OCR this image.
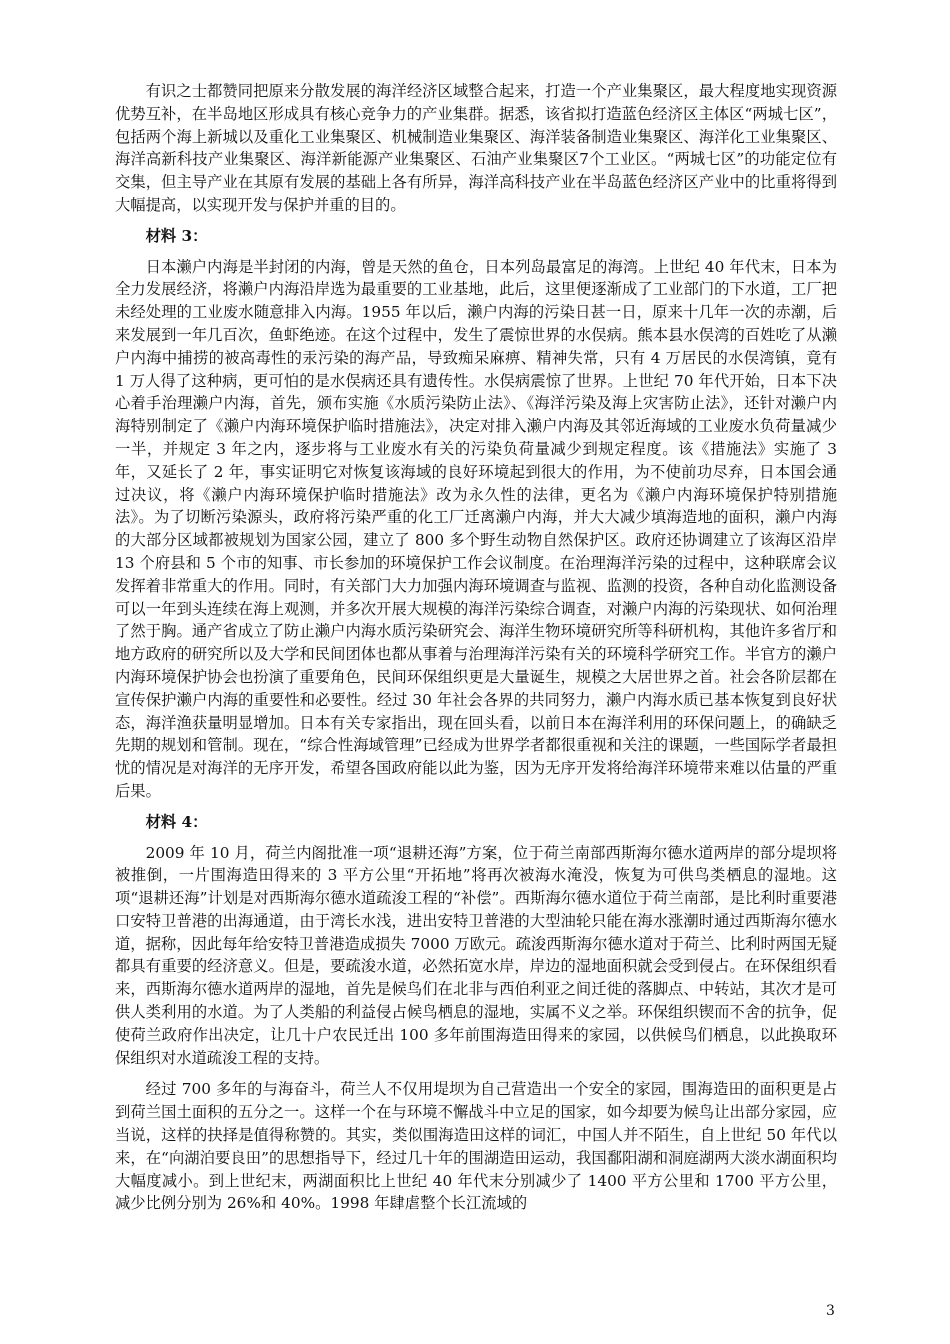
有识之士都赞同把原来分散发展的海洋经济区域整合起来，打造一个产业集聚区，最大程度地实现资源优势互补，在半岛地区形成具有核心竞争力的产业集群。据悉，该省拟打造蓝色经济区主体区“两城七区”，包括两个海上新城以及重化工业集聚区、机械制造业集聚区、海洋装备制造业集聚区、海洋化工业集聚区、海洋高新科技产业集聚区、海洋新能源产业集聚区、石油产业集聚区7个工业区。“两城七区”的功能定位有交集，但主导产业在其原有发展的基础上各有所异，海洋高科技产业在半岛蓝色经济区产业中的比重将得到大幅提高，以实现开发与保护并重的目的。

材料 3：

日本濑户内海是半封闭的内海，曾是天然的鱼仓，日本列岛最富足的海湾。上世纪 40 年代末，日本为全力发展经济，将濑户内海沿岸选为最重要的工业基地，此后，这里便逐渐成了工业部门的下水道，工厂把未经处理的工业废水随意排入内海。1955 年以后，濑户内海的污染日甚一日，原来十几年一次的赤潮，后来发展到一年几百次，鱼虾绝迹。在这个过程中，发生了震惊世界的水俣病。熊本县水俣湾的百姓吃了从濑户内海中捕捞的被高毒性的汞污染的海产品，导致痴呆麻痹、精神失常，只有 4 万居民的水俣湾镇，竟有 1 万人得了这种病，更可怕的是水俣病还具有遗传性。水俣病震惊了世界。上世纪 70 年代开始，日本下决心着手治理濑户内海，首先，颁布实施《水质污染防止法》、《海洋污染及海上灾害防止法》，还针对濑户内海特别制定了《濑户内海环境保护临时措施法》，决定对排入濑户内海及其邻近海域的工业废水负荷量减少一半，并规定 3 年之内，逐步将与工业废水有关的污染负荷量减少到规定程度。该《措施法》实施了 3 年，又延长了 2 年，事实证明它对恢复该海域的良好环境起到很大的作用，为不使前功尽弃，日本国会通过决议，将《濑户内海环境保护临时措施法》改为永久性的法律，更名为《濑户内海环境保护特别措施法》。为了切断污染源头，政府将污染严重的化工厂迁离濑户内海，并大大减少填海造地的面积，濑户内海的大部分区域都被规划为国家公园，建立了 800 多个野生动物自然保护区。政府还协调建立了该海区沿岸 13 个府县和 5 个市的知事、市长参加的环境保护工作会议制度。在治理海洋污染的过程中，这种联席会议发挥着非常重大的作用。同时，有关部门大力加强内海环境调查与监视、监测的投资，各种自动化监测设备可以一年到头连续在海上观测，并多次开展大规模的海洋污染综合调查，对濑户内海的污染现状、如何治理了然于胸。通产省成立了防止濑户内海水质污染研究会、海洋生物环境研究所等科研机构，其他许多省厅和地方政府的研究所以及大学和民间团体也都从事着与治理海洋污染有关的环境科学研究工作。半官方的濑户内海环境保护协会也扮演了重要角色，民间环保组织更是大量诞生，规模之大居世界之首。社会各阶层都在宣传保护濑户内海的重要性和必要性。经过 30 年社会各界的共同努力，濑户内海水质已基本恢复到良好状态，海洋渔获量明显增加。日本有关专家指出，现在回头看，以前日本在海洋利用的环保问题上，的确缺乏先期的规划和管制。现在，“综合性海域管理”已经成为世界学者都很重视和关注的课题，一些国际学者最担忧的情况是对海洋的无序开发，希望各国政府能以此为鉴，因为无序开发将给海洋环境带来难以估量的严重后果。

材料 4：

2009 年 10 月，荷兰内阁批准一项“退耕还海”方案，位于荷兰南部西斯海尔德水道两岸的部分堤坝将被推倒，一片围海造田得来的 3 平方公里“开拓地”将再次被海水淹没，恢复为可供鸟类栖息的湿地。这项“退耕还海”计划是对西斯海尔德水道疏浚工程的“补偿”。西斯海尔德水道位于荷兰南部，是比利时重要港口安特卫普港的出海通道，由于湾长水浅，进出安特卫普港的大型油轮只能在海水涨潮时通过西斯海尔德水道，据称，因此每年给安特卫普港造成损失 7000 万欧元。疏浚西斯海尔德水道对于荷兰、比利时两国无疑都具有重要的经济意义。但是，要疏浚水道，必然拓宽水岸，岸边的湿地面积就会受到侵占。在环保组织看来，西斯海尔德水道两岸的湿地，首先是候鸟们在北非与西伯利亚之间迁徙的落脚点、中转站，其次才是可供人类利用的水道。为了人类船的利益侵占候鸟栖息的湿地，实属不义之举。环保组织锲而不舍的抗争，促使荷兰政府作出决定，让几十户农民迁出 100 多年前围海造田得来的家园，以供候鸟们栖息，以此换取环保组织对水道疏浚工程的支持。

经过 700 多年的与海奋斗，荷兰人不仅用堤坝为自己营造出一个安全的家园，围海造田的面积更是占到荷兰国土面积的五分之一。这样一个在与环境不懈战斗中立足的国家，如今却要为候鸟让出部分家园，应当说，这样的抉择是值得称赞的。其实，类似围海造田这样的词汇，中国人并不陌生，自上世纪 50 年代以来，在“向湖泊要良田”的思想指导下，经过几十年的围湖造田运动，我国鄱阳湖和洞庭湖两大淡水湖面积均大幅度减小。到上世纪末，两湖面积比上世纪 40 年代末分别减少了 1400 平方公里和 1700 平方公里，减少比例分别为 26%和 40%。1998 年肆虐整个长江流域的

3
